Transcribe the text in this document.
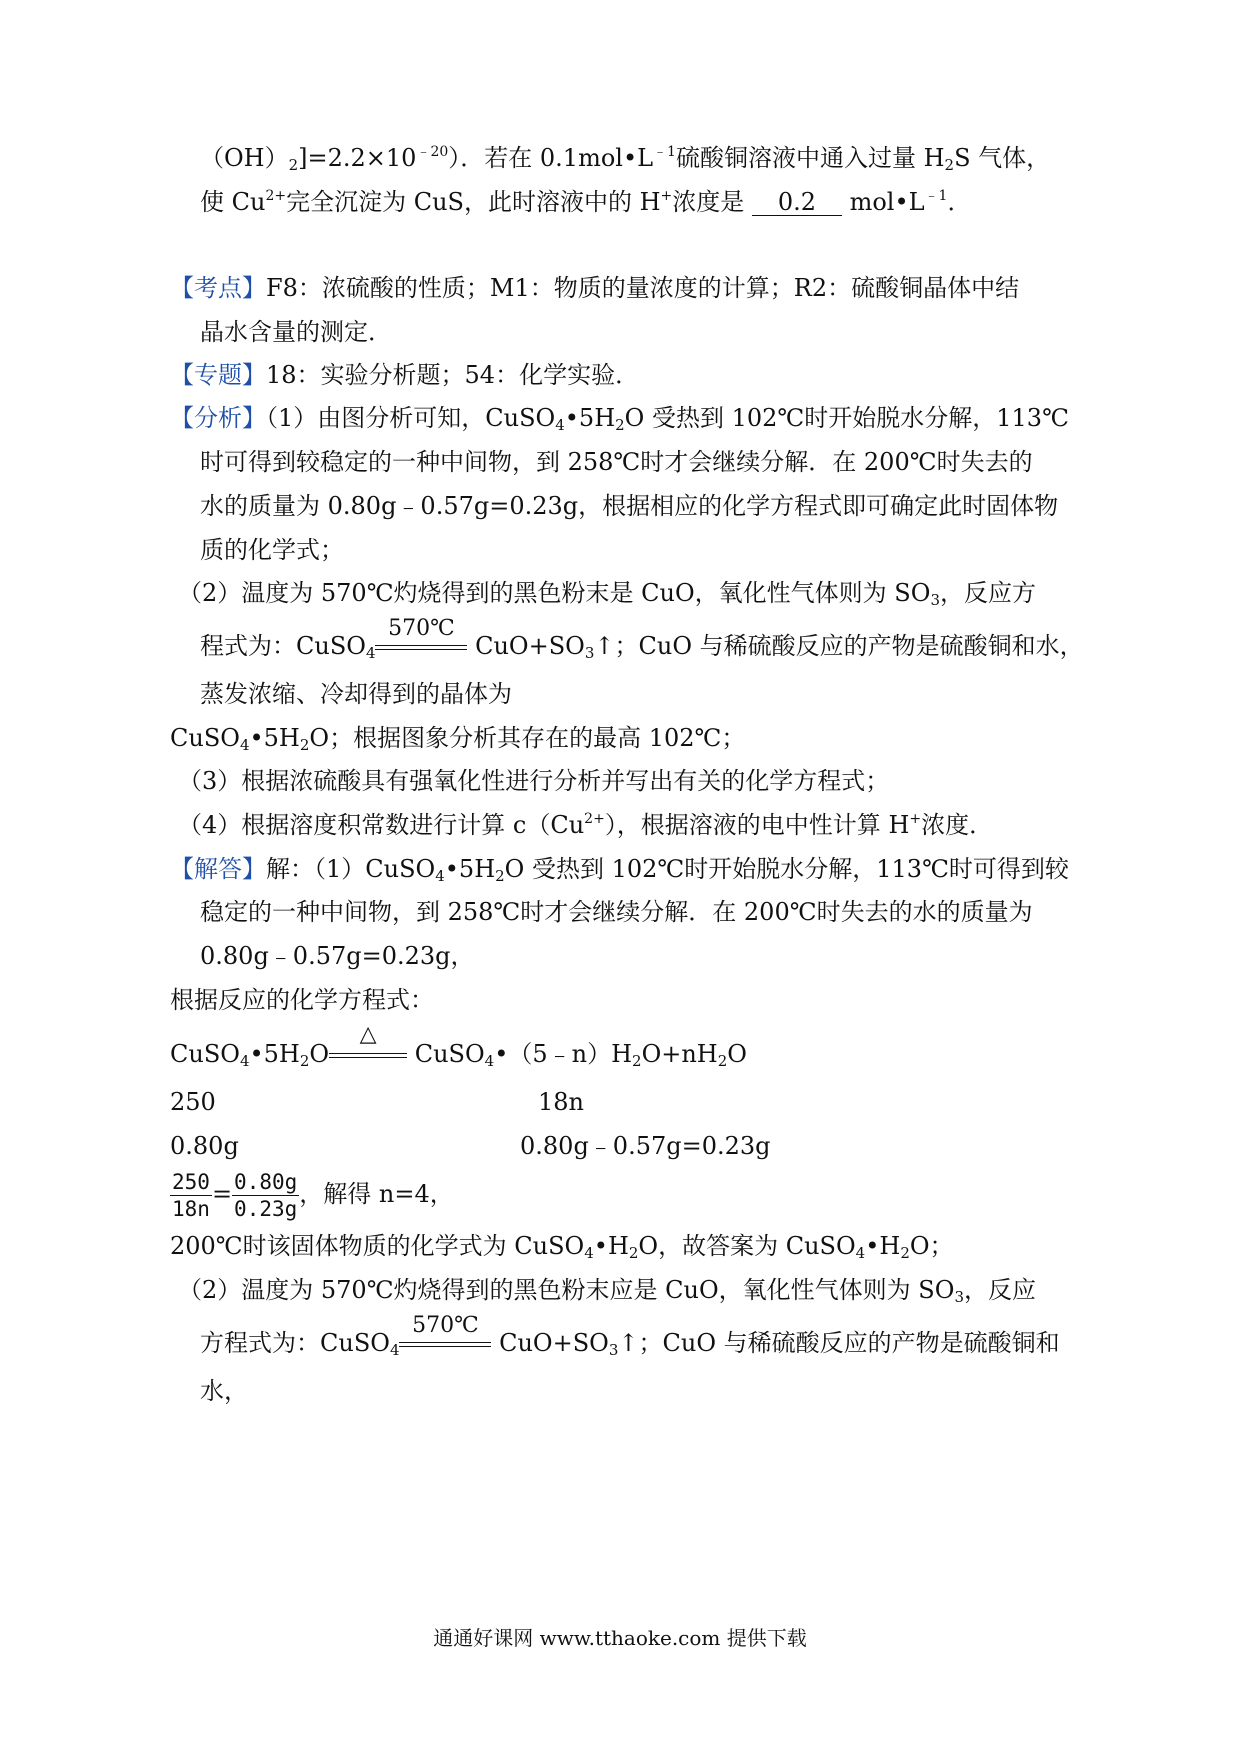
$(OH)_2]=2.2\times 10^{﹣20}$）．若在 $0.1mol•L^{﹣1}$硫酸铜溶液中通入过量 $H_2S$ 气体，
使 $Cu^{2+}$完全沉淀为 CuS，此时溶液中的 H+浓度是 0.2 $mol•L^{﹣1}$．
【考点】F8：浓硫酸的性质；M1：物质的量浓度的计算；R2：硫酸铜晶体中结
晶水含量的测定．
【专题】18：实验分析题；54：化学实验．
【分析】（1）由图分析可知，$CuSO_4•5H_2O$ 受热到 102℃时开始脱水分解，113℃
时可得到较稳定的一种中间物，到 258℃时才会继续分解．在 200℃时失去的
水的质量为 0.80g﹣0.57g=0.23g，根据相应的化学方程式即可确定此时固体物
质的化学式；
（2）温度为 570℃灼烧得到的黑色粉末是 CuO，氧化性气体则为 $SO_3$，反应方
程式为：CuSO$_4$
570℃
$CuO+SO_3↑$；CuO 与稀硫酸反应的产物是硫酸铜和水，
蒸发浓缩、冷却得到的晶体为
$CuSO_4•5H_2O$；根据图象分析其存在的最高 102℃；
（3）根据浓硫酸具有强氧化性进行分析并写出有关的化学方程式；
（4）根据溶度积常数进行计算 $c(Cu^{2+})$，根据溶液的电中性计算 H+浓度．
【解答】解：$(1)CuSO_4•5H_2O$ 受热到 102℃时开始脱水分解，113℃时可得到较
稳定的一种中间物，到 258℃时才会继续分解．在 200℃时失去的水的质量为
0.80g﹣0.57g=0.23g，
根据反应的化学方程式：
$CuSO_4•5H_2O$
△
$CuSO_4•(5﹣n)H_2O+nH_2O$
250	18n
0.80g	0.80g﹣0.57g=0.23g
$\frac{250}{18n} = \frac{0.80g}{0.23g}$ ，解得 n=4，
200℃时该固体物质的化学式为 $CuSO_4•H_2O$，故答案为 $CuSO_4•H_2O$；
（2）温度为 570℃灼烧得到的黑色粉末应是 CuO，氧化性气体则为 $SO_3$，反应
方程式为：CuSO$_4$
570℃
$CuO+SO_3↑$；CuO 与稀硫酸反应的产物是硫酸铜和
水，
通通好课网 www.tthaoke.com 提供下载
